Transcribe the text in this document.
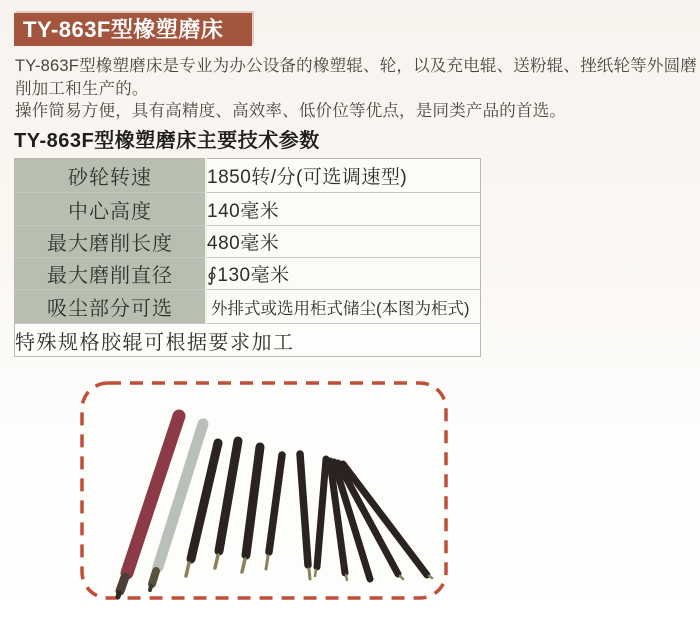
TY-863F型橡塑磨床
TY-863F型橡塑磨床是专业为办公设备的橡塑辊、轮，以及充电辊、送粉辊、挫纸轮等外圆磨
削加工和生产的。
操作简易方便，具有高精度、高效率、低价位等优点，是同类产品的首选。
TY-863F型橡塑磨床主要技术参数
砂轮转速	1850转/分(可选调速型)
中心高度	140毫米
最大磨削长度	480毫米
最大磨削直径	∮130毫米
吸尘部分可选	外排式或选用柜式储尘(本图为柜式)
特殊规格胶辊可根据要求加工	
